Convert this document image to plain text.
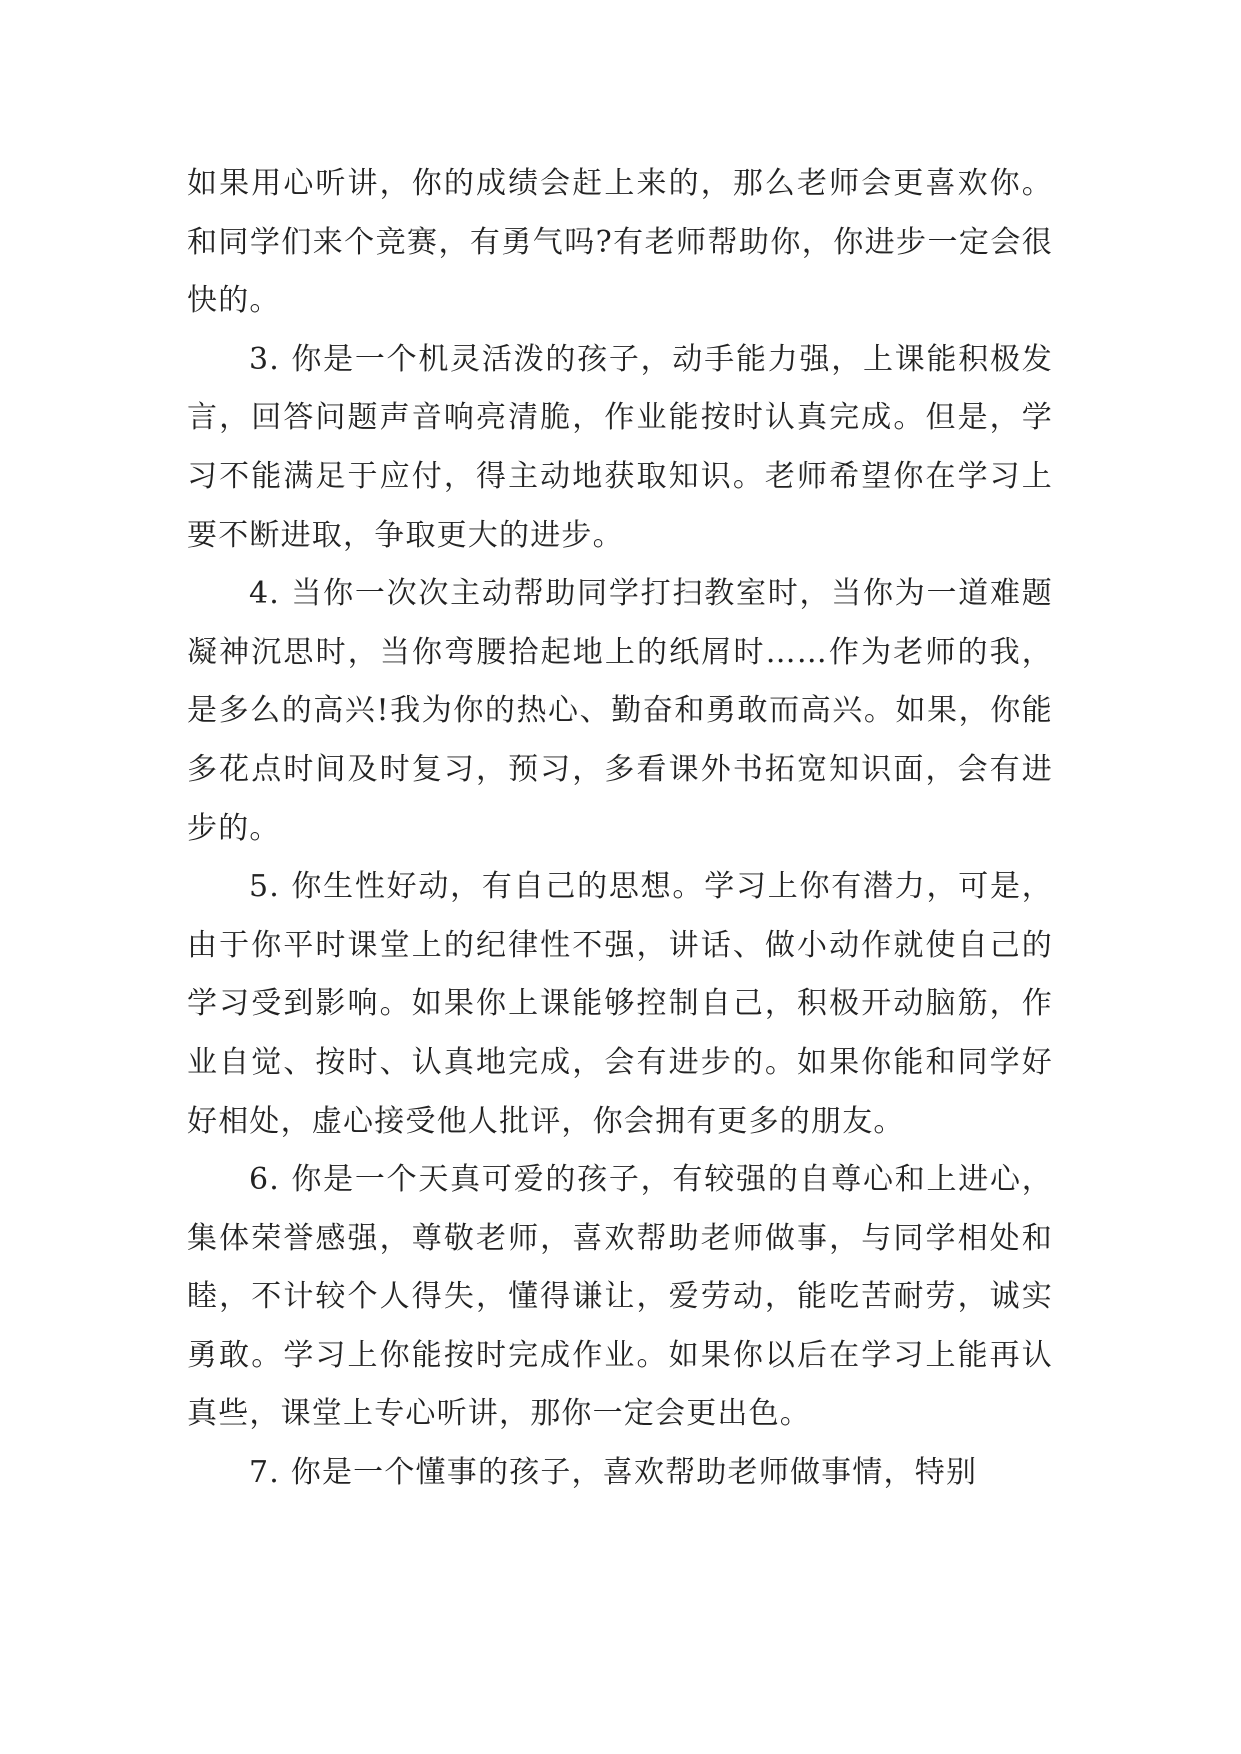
如果用心听讲，你的成绩会赶上来的，那么老师会更喜欢你。和同学们来个竞赛，有勇气吗?有老师帮助你，你进步一定会很快的。

3. 你是一个机灵活泼的孩子，动手能力强，上课能积极发言，回答问题声音响亮清脆，作业能按时认真完成。但是，学习不能满足于应付，得主动地获取知识。老师希望你在学习上要不断进取，争取更大的进步。

4. 当你一次次主动帮助同学打扫教室时，当你为一道难题凝神沉思时，当你弯腰拾起地上的纸屑时……作为老师的我，是多么的高兴!我为你的热心、勤奋和勇敢而高兴。如果，你能多花点时间及时复习，预习，多看课外书拓宽知识面，会有进步的。

5. 你生性好动，有自己的思想。学习上你有潜力，可是，由于你平时课堂上的纪律性不强，讲话、做小动作就使自己的学习受到影响。如果你上课能够控制自己，积极开动脑筋，作业自觉、按时、认真地完成，会有进步的。如果你能和同学好好相处，虚心接受他人批评，你会拥有更多的朋友。

6. 你是一个天真可爱的孩子，有较强的自尊心和上进心，集体荣誉感强，尊敬老师，喜欢帮助老师做事，与同学相处和睦，不计较个人得失，懂得谦让，爱劳动，能吃苦耐劳，诚实勇敢。学习上你能按时完成作业。如果你以后在学习上能再认真些，课堂上专心听讲，那你一定会更出色。

7. 你是一个懂事的孩子，喜欢帮助老师做事情，特别
